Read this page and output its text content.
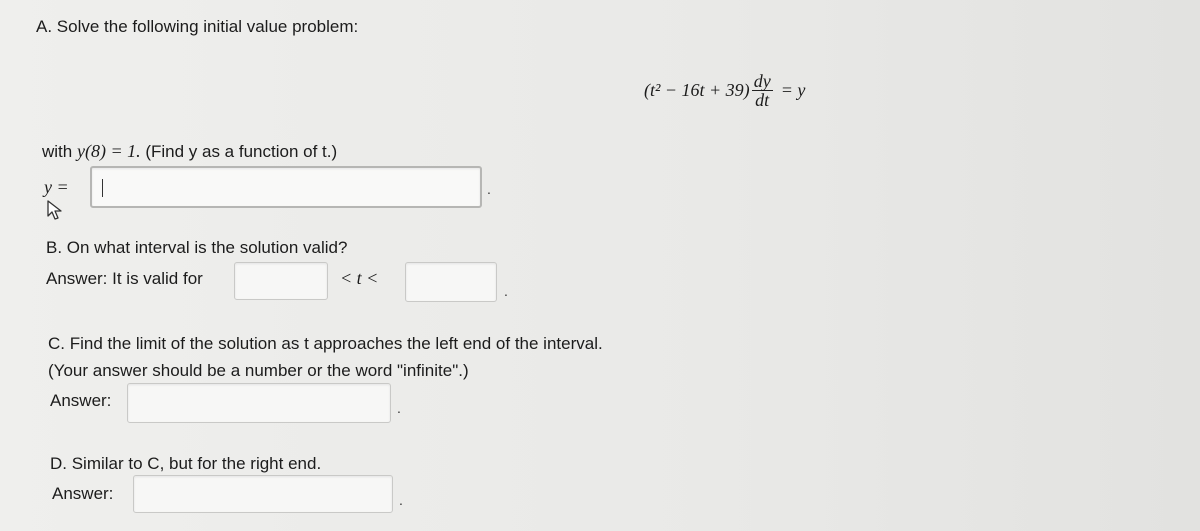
A. Solve the following initial value problem:
$(t^2 - 16t + 39) \frac{dy}{dt} = y$
with y(8) = 1. (Find y as a function of t.)
y =	.
B. On what interval is the solution valid?
Answer: It is valid for	< t <
.
C. Find the limit of the solution as t approaches the left end of the interval.
(Your answer should be a number or the word "infinite".)
Answer:	.
D. Similar to C, but for the right end.
Answer:	.
